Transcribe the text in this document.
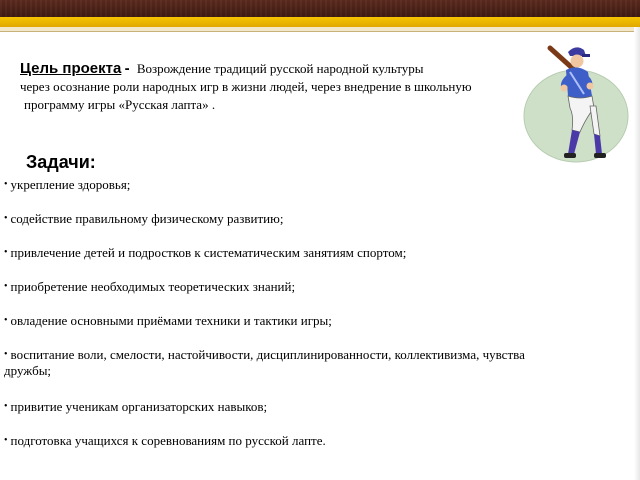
Цель проекта - Возрождение традиций русской народной культуры
через осознание роли народных игр в жизни людей, через внедрение в школьную
программу игры «Русская лапта» .
Задачи:
• укрепление здоровья;
• содействие правильному физическому развитию;
• привлечение детей и подростков к систематическим занятиям спортом;
• приобретение необходимых теоретических знаний;
• овладение основными приёмами техники и тактики игры;
• воспитание воли, смелости, настойчивости, дисциплинированности, коллективизма, чувства
дружбы;
• привитие ученикам организаторских навыков;
• подготовка учащихся к соревнованиям по русской лапте.
